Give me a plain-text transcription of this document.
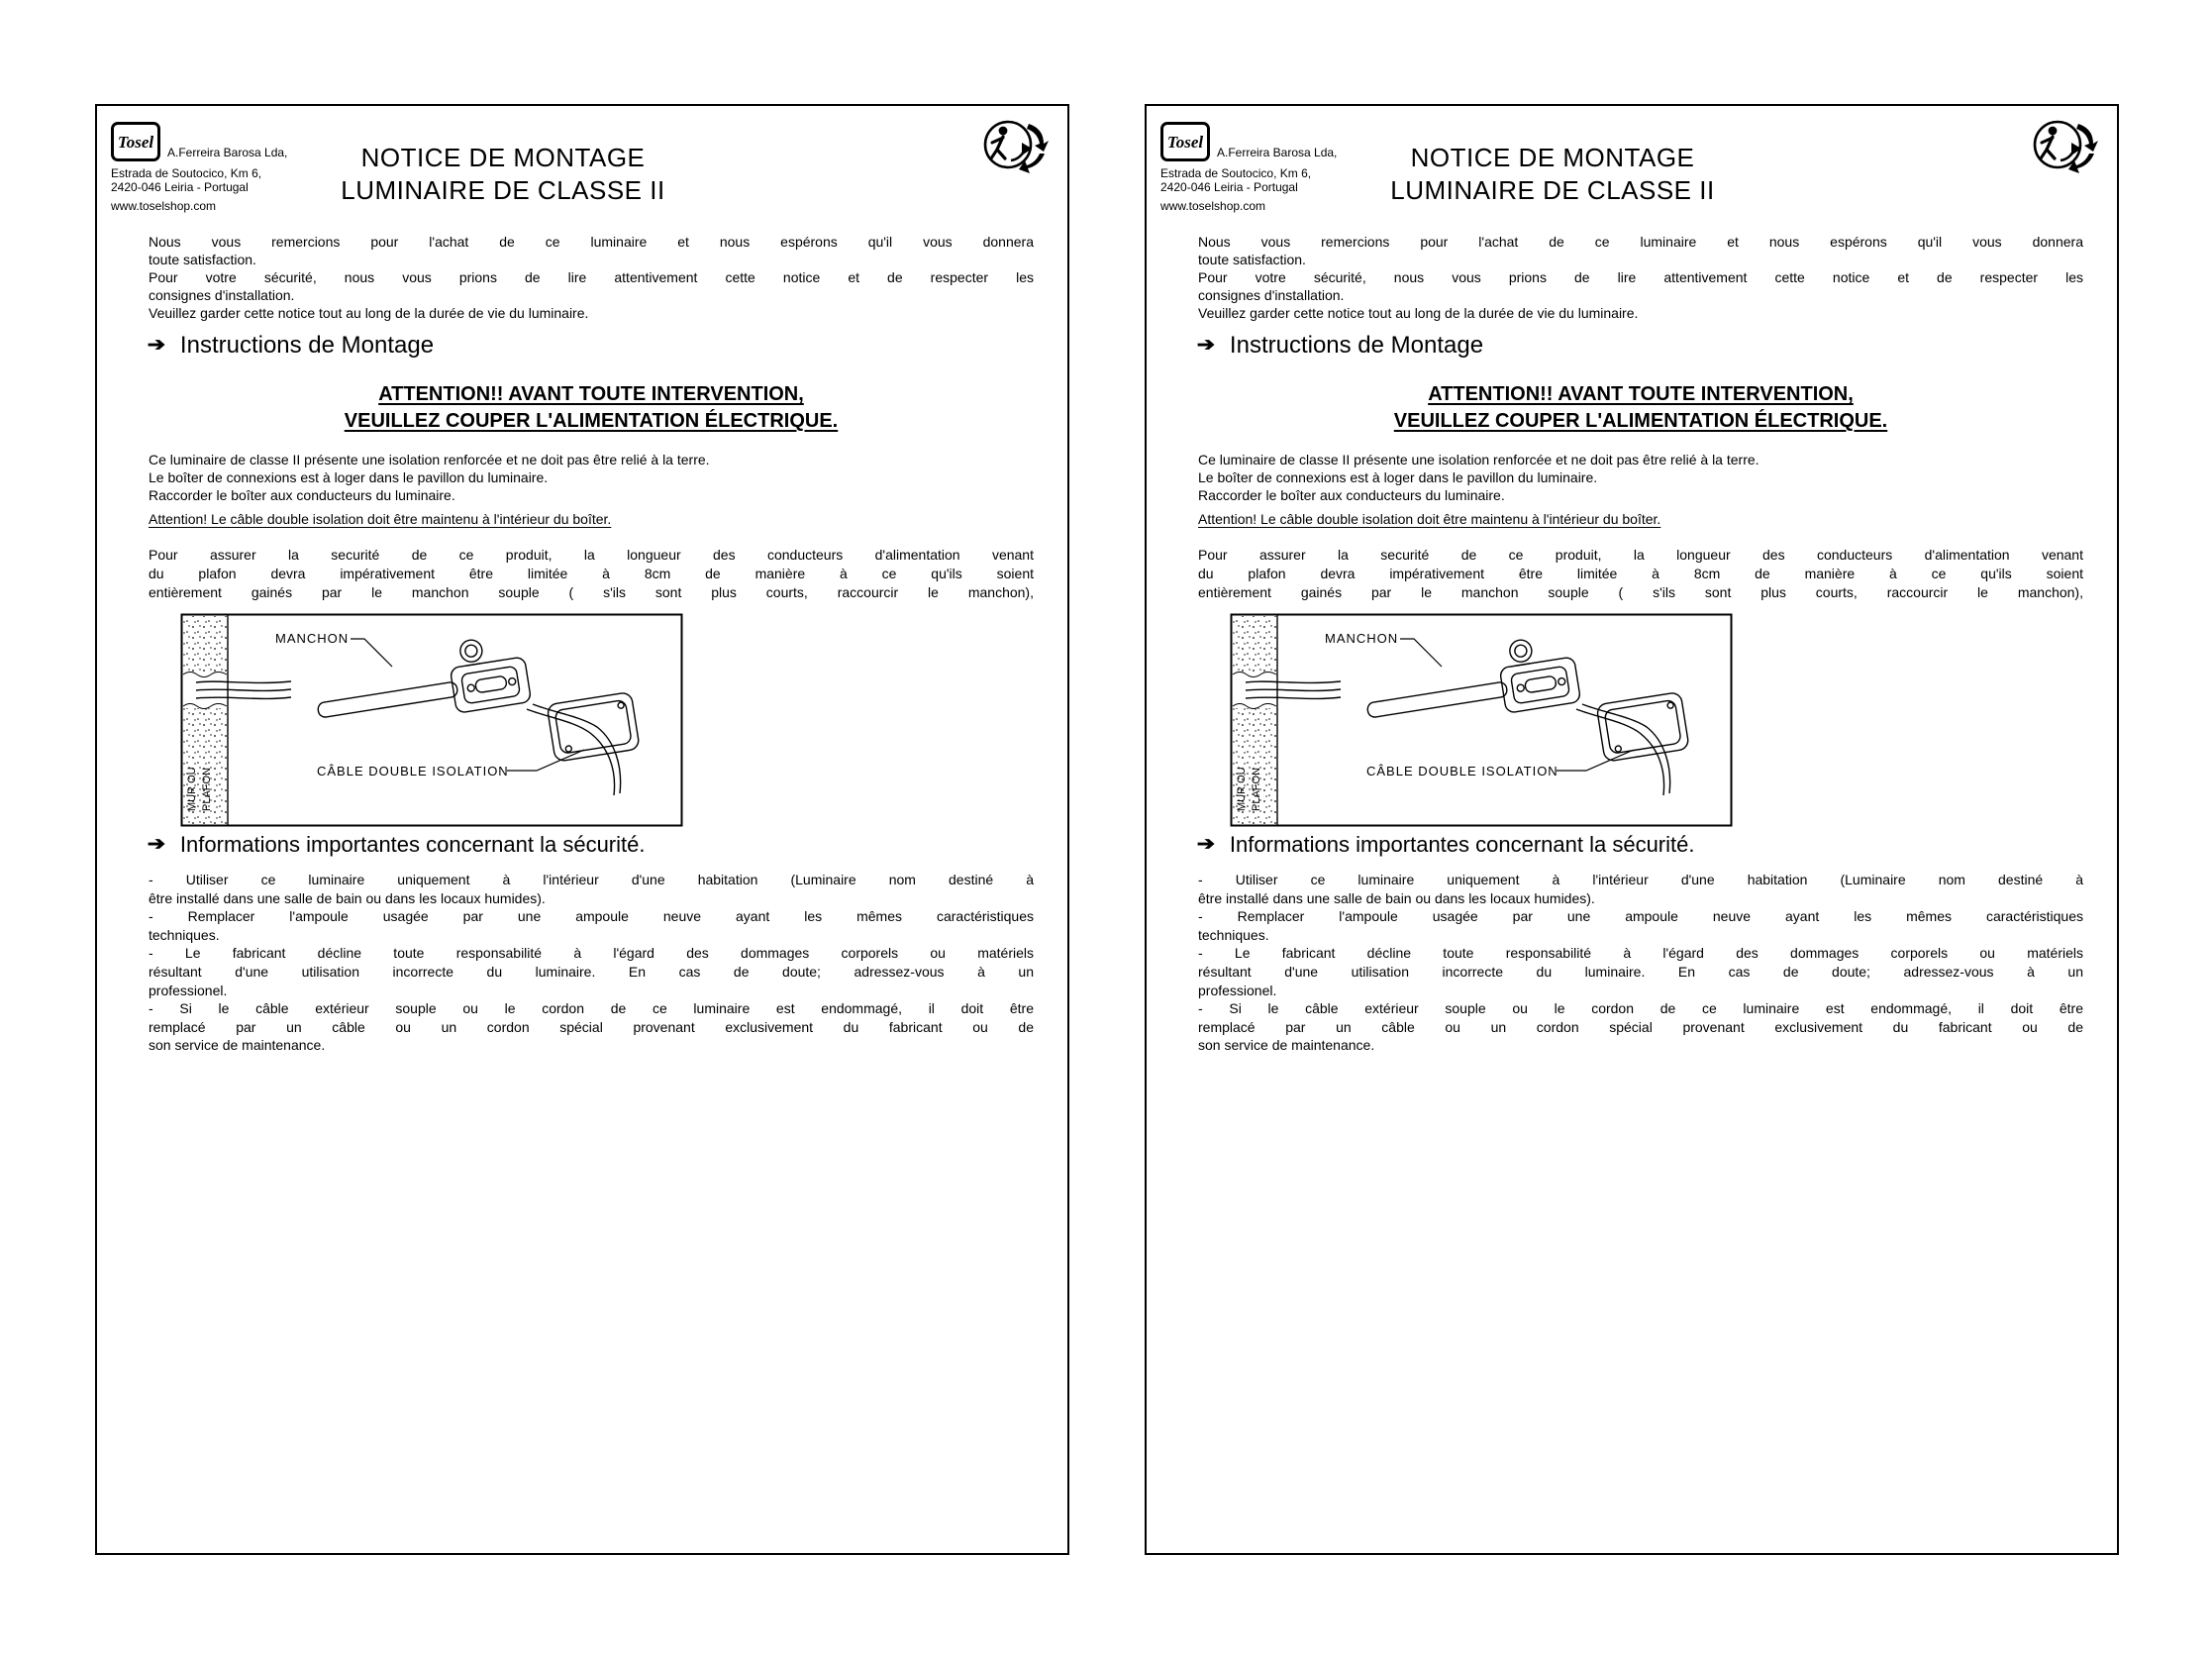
Tosel
A.Ferreira Barosa Lda,
Estrada de Soutocico, Km 6,
2420-046 Leiria - Portugal
www.toselshop.com
NOTICE DE MONTAGE
LUMINAIRE DE CLASSE II
Nous vous remercions pour l'achat de ce luminaire et nous espérons qu'il vous donnera
toute satisfaction.
Pour votre sécurité, nous vous prions de lire attentivement cette notice et de respecter les
consignes d'installation.
Veuillez garder cette notice tout au long de la durée de vie du luminaire.
➔ Instructions de Montage
ATTENTION!! AVANT TOUTE INTERVENTION,
VEUILLEZ COUPER L'ALIMENTATION ÉLECTRIQUE.
Ce luminaire de classe II présente une isolation renforcée et ne doit pas être relié à la terre.
Le boîter de connexions est à loger dans le pavillon du luminaire.
Raccorder le boîter aux conducteurs du luminaire.
Attention! Le câble double isolation doit être maintenu à l'intérieur du boîter.
Pour assurer la securité de ce produit, la longueur des conducteurs d'alimentation venant
du plafon devra impérativement être limitée à 8cm de manière à ce qu'ils soient
entièrement gainés par le manchon souple ( s'ils sont plus courts, raccourcir le manchon),
MUR OU PLAFON
MANCHON
CÂBLE DOUBLE ISOLATION
➔ Informations importantes concernant la sécurité.
- Utiliser ce luminaire uniquement à l'intérieur d'une habitation (Luminaire nom destiné à
être installé dans une salle de bain ou dans les locaux humides).
- Remplacer l'ampoule usagée par une ampoule neuve ayant les mêmes caractéristiques
techniques.
- Le fabricant décline toute responsabilité à l'égard des dommages corporels ou matériels
résultant d'une utilisation incorrecte du luminaire. En cas de doute; adressez-vous à un
professionel.
- Si le câble extérieur souple ou le cordon de ce luminaire est endommagé, il doit être
remplacé par un câble ou un cordon spécial provenant exclusivement du fabricant ou de
son service de maintenance.
Tosel
A.Ferreira Barosa Lda,
Estrada de Soutocico, Km 6,
2420-046 Leiria - Portugal
www.toselshop.com
NOTICE DE MONTAGE
LUMINAIRE DE CLASSE II
Nous vous remercions pour l'achat de ce luminaire et nous espérons qu'il vous donnera
toute satisfaction.
Pour votre sécurité, nous vous prions de lire attentivement cette notice et de respecter les
consignes d'installation.
Veuillez garder cette notice tout au long de la durée de vie du luminaire.
➔ Instructions de Montage
ATTENTION!! AVANT TOUTE INTERVENTION,
VEUILLEZ COUPER L'ALIMENTATION ÉLECTRIQUE.
Ce luminaire de classe II présente une isolation renforcée et ne doit pas être relié à la terre.
Le boîter de connexions est à loger dans le pavillon du luminaire.
Raccorder le boîter aux conducteurs du luminaire.
Attention! Le câble double isolation doit être maintenu à l'intérieur du boîter.
Pour assurer la securité de ce produit, la longueur des conducteurs d'alimentation venant
du plafon devra impérativement être limitée à 8cm de manière à ce qu'ils soient
entièrement gainés par le manchon souple ( s'ils sont plus courts, raccourcir le manchon),
MUR OU PLAFON
MANCHON
CÂBLE DOUBLE ISOLATION
➔ Informations importantes concernant la sécurité.
- Utiliser ce luminaire uniquement à l'intérieur d'une habitation (Luminaire nom destiné à
être installé dans une salle de bain ou dans les locaux humides).
- Remplacer l'ampoule usagée par une ampoule neuve ayant les mêmes caractéristiques
techniques.
- Le fabricant décline toute responsabilité à l'égard des dommages corporels ou matériels
résultant d'une utilisation incorrecte du luminaire. En cas de doute; adressez-vous à un
professionel.
- Si le câble extérieur souple ou le cordon de ce luminaire est endommagé, il doit être
remplacé par un câble ou un cordon spécial provenant exclusivement du fabricant ou de
son service de maintenance.
